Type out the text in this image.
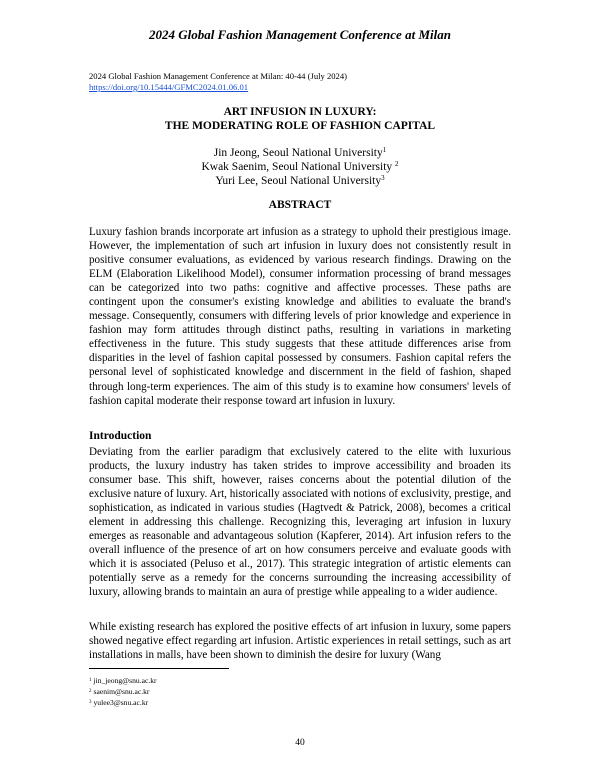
2024 Global Fashion Management Conference at Milan
2024 Global Fashion Management Conference at Milan: 40-44 (July 2024)
https://doi.org/10.15444/GFMC2024.01.06.01
ART INFUSION IN LUXURY:
THE MODERATING ROLE OF FASHION CAPITAL
Jin Jeong, Seoul National University$^1$
Kwak Saenim, Seoul National University $^2$
Yuri Lee, Seoul National University$^3$
ABSTRACT
Luxury fashion brands incorporate art infusion as a strategy to uphold their prestigious image. However, the implementation of such art infusion in luxury does not consistently result in positive consumer evaluations, as evidenced by various research findings. Drawing on the ELM (Elaboration Likelihood Model), consumer information processing of brand messages can be categorized into two paths: cognitive and affective processes. These paths are contingent upon the consumer's existing knowledge and abilities to evaluate the brand's message. Consequently, consumers with differing levels of prior knowledge and experience in fashion may form attitudes through distinct paths, resulting in variations in marketing effectiveness in the future. This study suggests that these attitude differences arise from disparities in the level of fashion capital possessed by consumers. Fashion capital refers the personal level of sophisticated knowledge and discernment in the field of fashion, shaped through long-term experiences. The aim of this study is to examine how consumers' levels of fashion capital moderate their response toward art infusion in luxury.
Introduction
Deviating from the earlier paradigm that exclusively catered to the elite with luxurious products, the luxury industry has taken strides to improve accessibility and broaden its consumer base. This shift, however, raises concerns about the potential dilution of the exclusive nature of luxury. Art, historically associated with notions of exclusivity, prestige, and sophistication, as indicated in various studies (Hagtvedt & Patrick, 2008), becomes a critical element in addressing this challenge. Recognizing this, leveraging art infusion in luxury emerges as reasonable and advantageous solution (Kapferer, 2014). Art infusion refers to the overall influence of the presence of art on how consumers perceive and evaluate goods with which it is associated (Peluso et al., 2017). This strategic integration of artistic elements can potentially serve as a remedy for the concerns surrounding the increasing accessibility of luxury, allowing brands to maintain an aura of prestige while appealing to a wider audience.
While existing research has explored the positive effects of art infusion in luxury, some papers showed negative effect regarding art infusion. Artistic experiences in retail settings, such as art installations in malls, have been shown to diminish the desire for luxury (Wang
$^1$ jin_jeong@snu.ac.kr
$^2$ saenim@snu.ac.kr
$^3$ yulee3@snu.ac.kr
40
